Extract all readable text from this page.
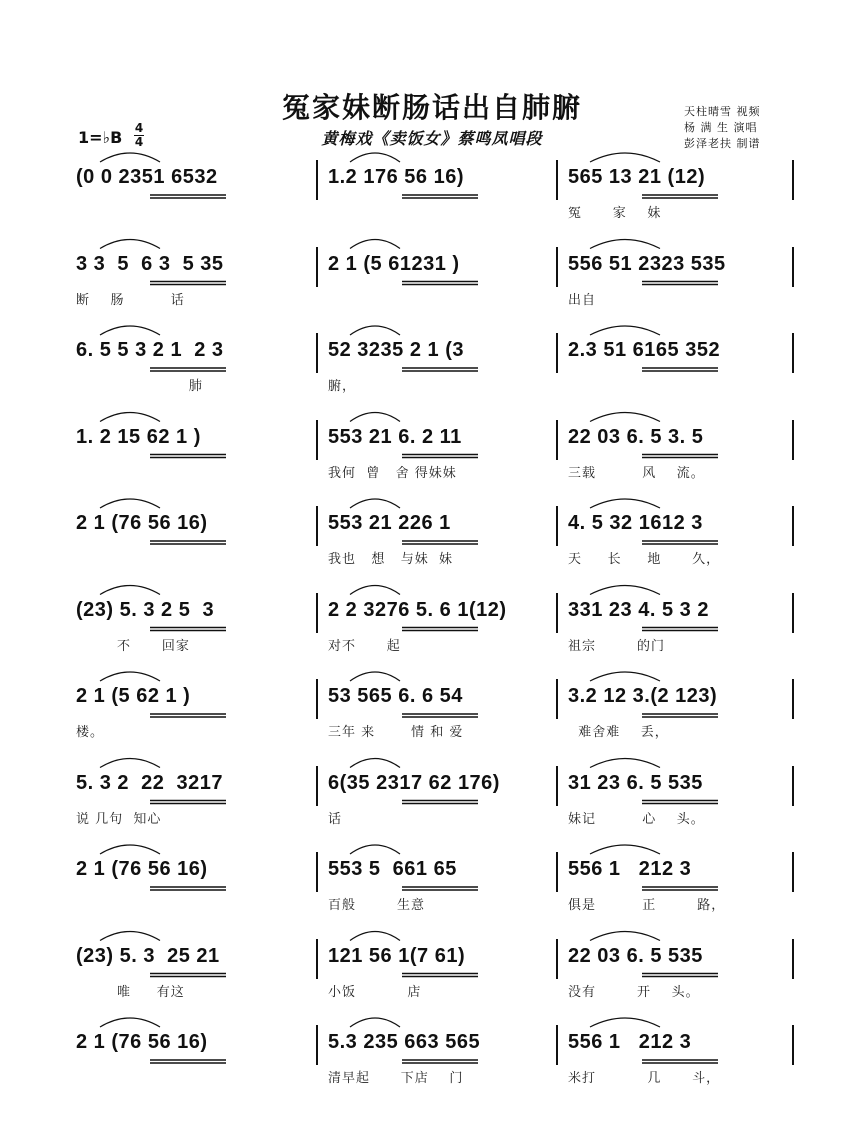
冤家妹断肠话出自肺腑
黄梅戏《卖饭女》蔡鸣凤唱段
1=♭B 4
4
天柱晴雪 视频
杨 满 生 演唱
彭泽老扶 制谱
(0 0 2351 6532	1.2 176 56 16)	565 13 21 (12)
冤      家    妹
3 3  5  6 3  5 35
断    肠         话
2 1 (5 61231 )	556 51 2323 535
出自
6. 5 5 3 2 1  2 3
肺
52 3235 2 1 (3
腑，
2.3 51 6165 352
1. 2 15 62 1 )	553 21 6. 2 11
我何  曾   舍 得妹妹
22 03 6. 5 3. 5
三载         风    流。
2 1 (76 56 16)	553 21 226 1
我也   想   与妹  妹
4. 5 32 1612 3
天     长     地      久，
(23) 5. 3 2 5  3
不      回家
2 2 3276 5. 6 1(12)
对不      起
331 23 4. 5 3 2
祖宗        的门
2 1 (5 62 1 )
楼。
53 565 6. 6 54
三年 来       情 和 爱
3.2 12 3.(2 123)
难舍难    丢，
5. 3 2  22  3217
说 几句  知心
6(35 2317 62 176)
话
31 23 6. 5 535
妹记         心    头。
2 1 (76 56 16)	553 5  661 65
百般        生意
556 1   212 3
俱是         正        路，
(23) 5. 3  25 21
唯     有这
121 56 1(7 61)
小饭          店
22 03 6. 5 535
没有        开    头。
2 1 (76 56 16)	5.3 235 663 565
清早起      下店    门
556 1   212 3
米打          几      斗，
